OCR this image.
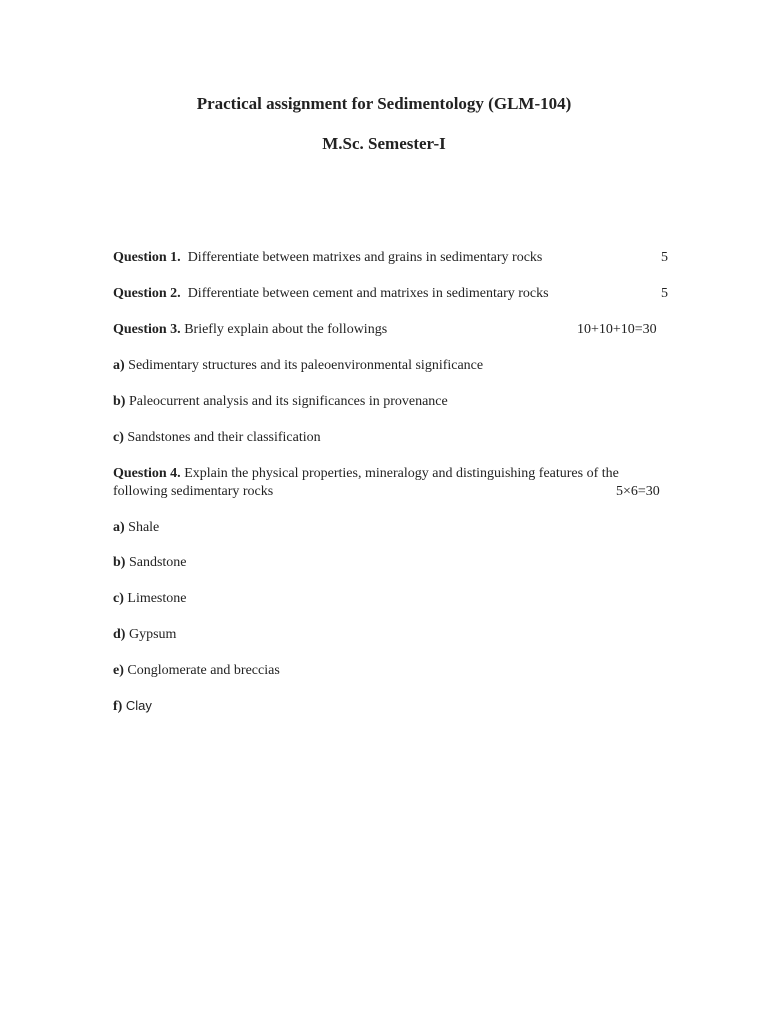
Practical assignment for Sedimentology (GLM-104)
M.Sc. Semester-I
Question 1. Differentiate between matrixes and grains in sedimentary rocks	5
Question 2. Differentiate between cement and matrixes in sedimentary rocks	5
Question 3. Briefly explain about the followings	10+10+10=30
a) Sedimentary structures and its paleoenvironmental significance
b) Paleocurrent analysis and its significances in provenance
c) Sandstones and their classification
Question 4. Explain the physical properties, mineralogy and distinguishing features of the
following sedimentary rocks	5×6=30
a) Shale
b) Sandstone
c) Limestone
d) Gypsum
e) Conglomerate and breccias
f) Clay
